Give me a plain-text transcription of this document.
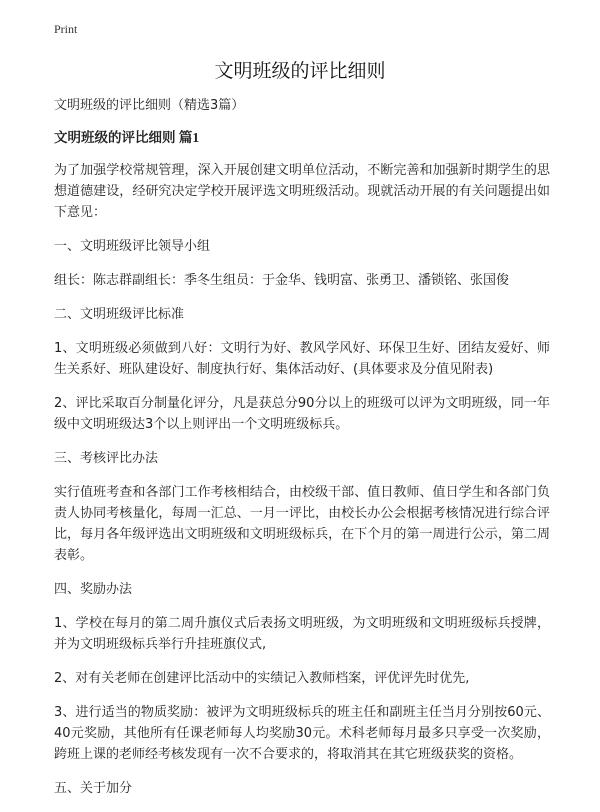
Print
文明班级的评比细则
文明班级的评比细则（精选3篇）
文明班级的评比细则 篇1
为了加强学校常规管理，深入开展创建文明单位活动，不断完善和加强新时期学生的思想道德建设，经研究决定学校开展评选文明班级活动。现就活动开展的有关问题提出如下意见：
一、文明班级评比领导小组
组长：陈志群副组长：季冬生组员：于金华、钱明富、张勇卫、潘锁铭、张国俊
二、文明班级评比标准
1、文明班级必须做到八好：文明行为好、教风学风好、环保卫生好、团结友爱好、师生关系好、班队建设好、制度执行好、集体活动好、(具体要求及分值见附表)
2、评比采取百分制量化评分，凡是获总分90分以上的班级可以评为文明班级，同一年级中文明班级达3个以上则评出一个文明班级标兵。
三、考核评比办法
实行值班考查和各部门工作考核相结合，由校级干部、值日教师、值日学生和各部门负责人协同考核量化，每周一汇总、一月一评比，由校长办公会根据考核情况进行综合评比，每月各年级评选出文明班级和文明班级标兵，在下个月的第一周进行公示，第二周表彰。
四、奖励办法
1、学校在每月的第二周升旗仪式后表扬文明班级，为文明班级和文明班级标兵授牌，并为文明班级标兵举行升挂班旗仪式,
2、对有关老师在创建评比活动中的实绩记入教师档案，评优评先时优先,
3、进行适当的物质奖励：被评为文明班级标兵的班主任和副班主任当月分别按60元、40元奖励，其他所有任课老师每人均奖励30元。术科老师每月最多只享受一次奖励，跨班上课的老师经考核发现有一次不合要求的，将取消其在其它班级获奖的资格。
五、关于加分
